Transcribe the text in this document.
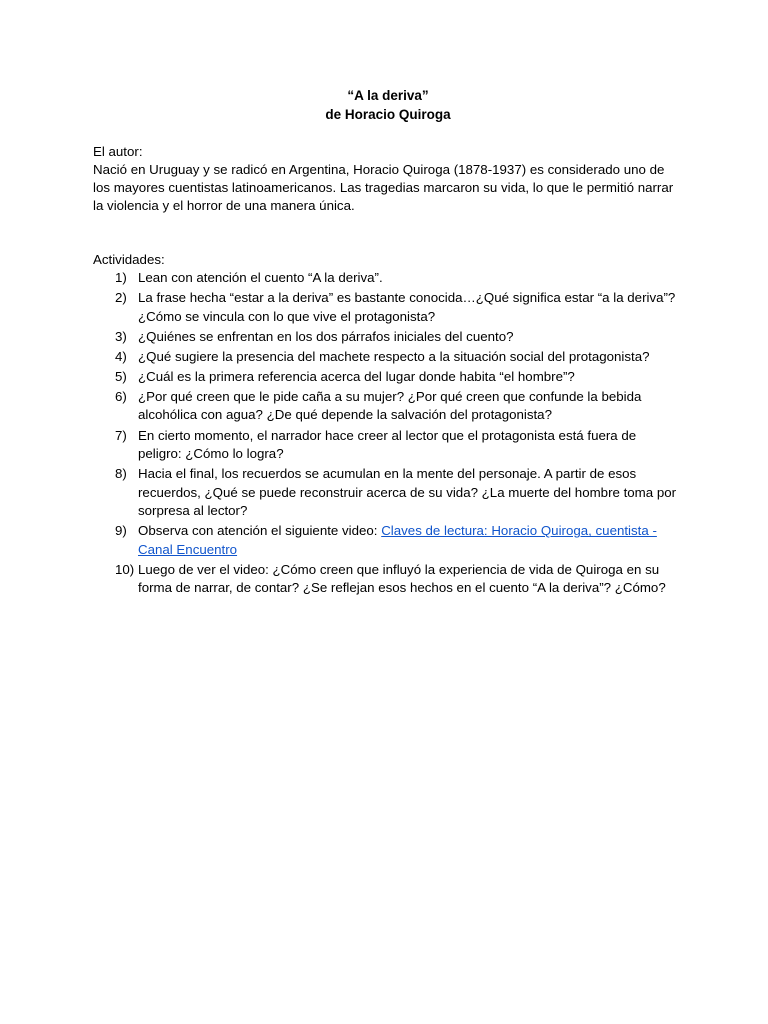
“A la deriva”
de Horacio Quiroga

El autor:

Nació en Uruguay y se radicó en Argentina, Horacio Quiroga (1878-1937) es considerado uno de los mayores cuentistas latinoamericanos. Las tragedias marcaron su vida, lo que le permitió narrar la violencia y el horror de una manera única.

Actividades:

1) Lean con atención el cuento “A la deriva”.
2) La frase hecha “estar a la deriva” es bastante conocida…¿Qué significa estar “a la deriva”? ¿Cómo se vincula con lo que vive el protagonista?
3) ¿Quiénes se enfrentan en los dos párrafos iniciales del cuento?
4) ¿Qué sugiere la presencia del machete respecto a la situación social del protagonista?
5) ¿Cuál es la primera referencia acerca del lugar donde habita “el hombre”?
6) ¿Por qué creen que le pide caña a su mujer? ¿Por qué creen que confunde la bebida alcohólica con agua? ¿De qué depende la salvación del protagonista?
7) En cierto momento, el narrador hace creer al lector que el protagonista está fuera de peligro: ¿Cómo lo logra?
8) Hacia el final, los recuerdos se acumulan en la mente del personaje. A partir de esos recuerdos, ¿Qué se puede reconstruir acerca de su vida? ¿La muerte del hombre toma por sorpresa al lector?
9) Observa con atención el siguiente video: Claves de lectura: Horacio Quiroga, cuentista - Canal Encuentro
10) Luego de ver el video: ¿Cómo creen que influyó la experiencia de vida de Quiroga en su forma de narrar, de contar? ¿Se reflejan esos hechos en el cuento “A la deriva”? ¿Cómo?
